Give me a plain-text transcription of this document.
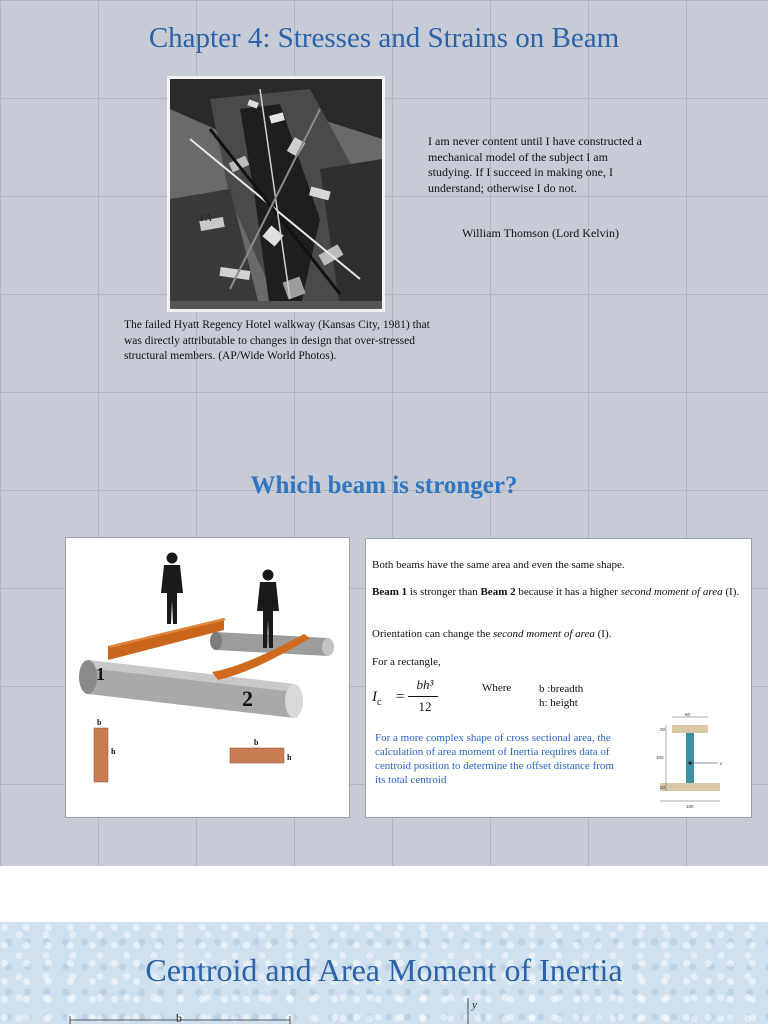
Chapter 4: Stresses and Strains on Beam
FA
I am never content until I have constructed a mechanical model of the subject I am studying. If I succeed in making one, I understand; otherwise I do not.
William Thomson (Lord Kelvin)
The failed Hyatt Regency Hotel walkway (Kansas City, 1981) that was directly attributable to changes in design that over-stressed structural members. (AP/Wide World Photos).
Which beam is stronger?
1
2
b
h
b
h

Both beams have the same area and even the same shape.

Beam 1 is stronger than Beam 2 because it has a higher second moment of area (I).

Orientation can change the second moment of area (I).

For a rectangle,

$I_c$ =
bh³
12
Where	b :breadth
h: height
For a more complex shape of cross sectional area, the calculation of area moment of Inertia requires data of centroid position to determine the offset distance from its total centroid
60
20
100
20
x
100
Centroid and Area Moment of Inertia
b
y
